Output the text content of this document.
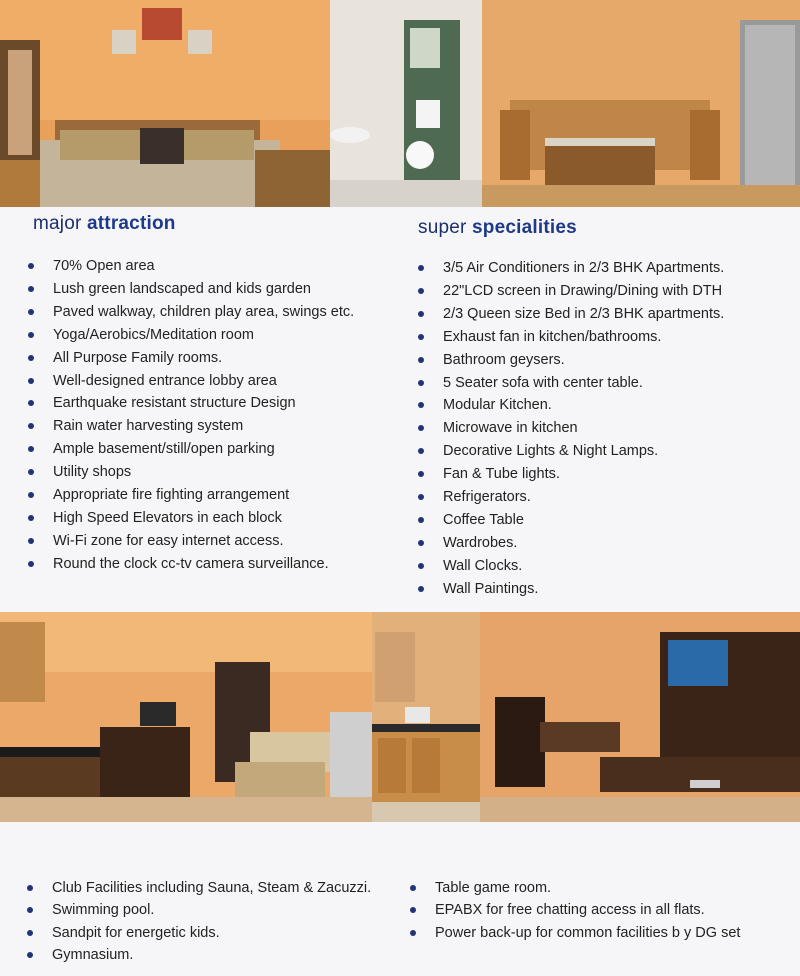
major attraction	super specialities
70% Open area
Lush green landscaped and kids garden
Paved walkway, children play area, swings etc.
Yoga/Aerobics/Meditation room
All Purpose Family rooms.
Well-designed entrance lobby area
Earthquake resistant structure Design
Rain water harvesting system
Ample basement/still/open parking
Utility shops
Appropriate fire fighting arrangement
High Speed Elevators in each block
Wi-Fi zone for easy internet access.
Round the clock cc-tv camera surveillance.
3/5 Air Conditioners in 2/3 BHK Apartments.
22"LCD screen in Drawing/Dining with DTH
2/3 Queen size Bed in 2/3 BHK apartments.
Exhaust fan in kitchen/bathrooms.
Bathroom geysers.
5 Seater sofa with center table.
Modular Kitchen.
Microwave in kitchen
Decorative Lights & Night Lamps.
Fan & Tube lights.
Refrigerators.
Coffee Table
Wardrobes.
Wall Clocks.
Wall Paintings.
Club Facilities including Sauna, Steam & Zacuzzi.
Swimming pool.
Sandpit for energetic kids.
Gymnasium.
Table game room.
EPABX for free chatting access in all flats.
Power back-up for common facilities b y DG set
